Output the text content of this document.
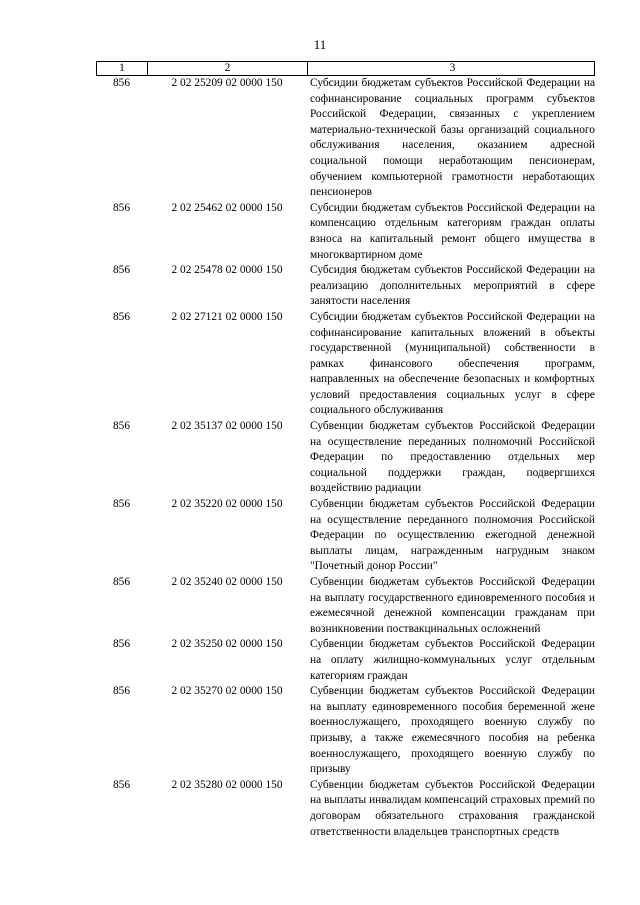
11
1	2	3
856	2 02 25209 02 0000 150	Субсидии бюджетам субъектов Российской Федерации на софинансирование социальных программ субъектов Российской Федерации, связанных с укреплением материально-технической базы организаций социального обслуживания населения, оказанием адресной социальной помощи неработающим пенсионерам, обучением компьютерной грамотности неработающих пенсионеров
856	2 02 25462 02 0000 150	Субсидии бюджетам субъектов Российской Федерации на компенсацию отдельным категориям граждан оплаты взноса на капитальный ремонт общего имущества в многоквартирном доме
856	2 02 25478 02 0000 150	Субсидия бюджетам субъектов Российской Федерации на реализацию дополнительных мероприятий в сфере занятости населения
856	2 02 27121 02 0000 150	Субсидии бюджетам субъектов Российской Федерации на софинансирование капитальных вложений в объекты государственной (муниципальной) собственности в рамках финансового обеспечения программ, направленных на обеспечение безопасных и комфортных условий предоставления социальных услуг в сфере социального обслуживания
856	2 02 35137 02 0000 150	Субвенции бюджетам субъектов Российской Федерации на осуществление переданных полномочий Российской Федерации по предоставлению отдельных мер социальной поддержки граждан, подвергшихся воздействию радиации
856	2 02 35220 02 0000 150	Субвенции бюджетам субъектов Российской Федерации на осуществление переданного полномочия Российской Федерации по осуществлению ежегодной денежной выплаты лицам, награжденным нагрудным знаком "Почетный донор России"
856	2 02 35240 02 0000 150	Субвенции бюджетам субъектов Российской Федерации на выплату государственного единовременного пособия и ежемесячной денежной компенсации гражданам при возникновении поствакцинальных осложнений
856	2 02 35250 02 0000 150	Субвенции бюджетам субъектов Российской Федерации на оплату жилищно-коммунальных услуг отдельным категориям граждан
856	2 02 35270 02 0000 150	Субвенции бюджетам субъектов Российской Федерации на выплату единовременного пособия беременной жене военнослужащего, проходящего военную службу по призыву, а также ежемесячного пособия на ребенка военнослужащего, проходящего военную службу по призыву
856	2 02 35280 02 0000 150	Субвенции бюджетам субъектов Российской Федерации на выплаты инвалидам компенсаций страховых премий по договорам обязательного страхования гражданской ответственности владельцев транспортных средств
